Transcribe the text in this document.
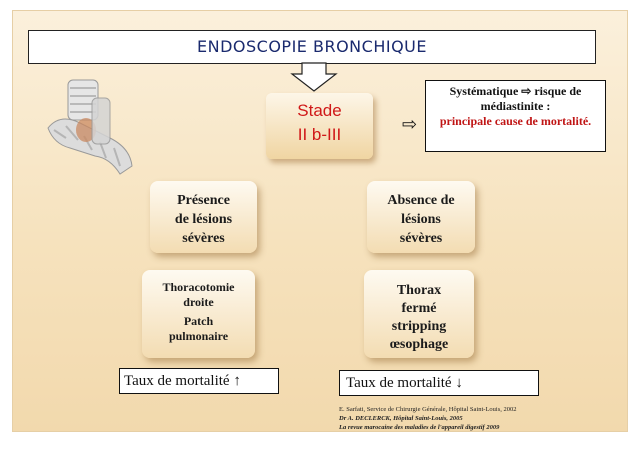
ENDOSCOPIE BRONCHIQUE
Stade
II b-III
⇨
Systématique ⇨ risque de médiastinite :
principale cause de mortalité.
Présence
de lésions
sévères
Absence de
lésions
sévères
Thoracotomie
droite
Patch
pulmonaire
Thorax
fermé
stripping
œsophage
Taux de mortalité ↑	Taux de mortalité ↓
E. Sarfati, Service de Chirurgie Générale, Hôpital Saint-Louis, 2002
Dr A. DECLERCK, Hôpital Saint-Louis, 2005
La revue marocaine des maladies de l'appareil digestif 2009
